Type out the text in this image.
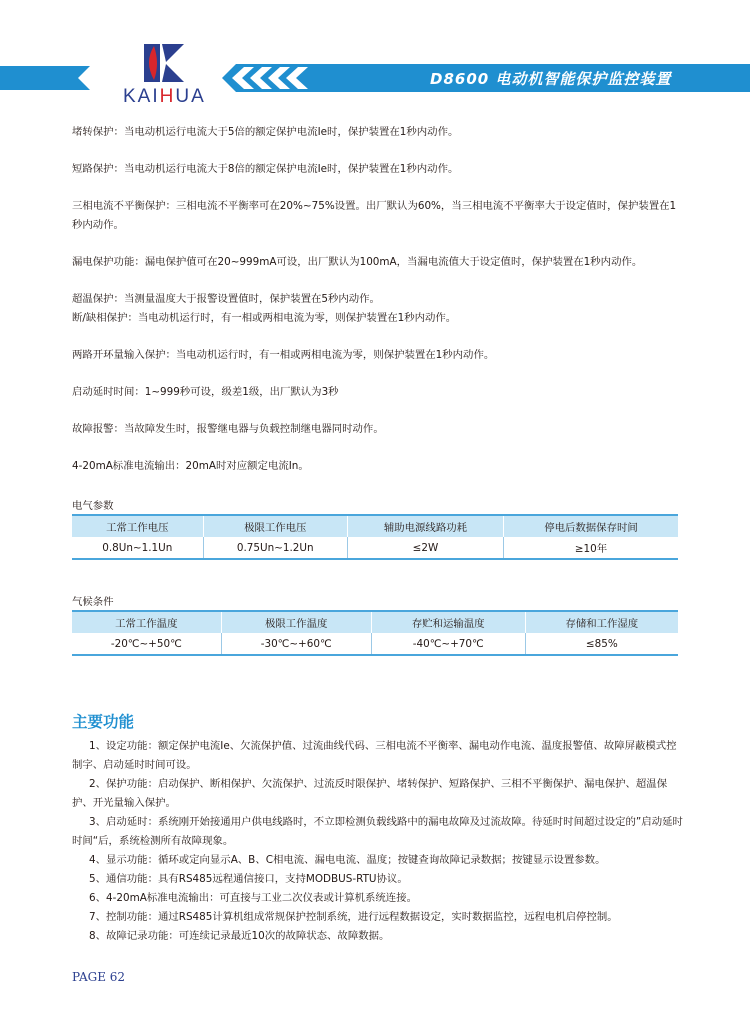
KAIHUA
D8600 电动机智能保护监控装置

堵转保护：当电动机运行电流大于5倍的额定保护电流Ie时，保护装置在1秒内动作。

短路保护：当电动机运行电流大于8倍的额定保护电流Ie时，保护装置在1秒内动作。

三相电流不平衡保护：三相电流不平衡率可在20%~75%设置。出厂默认为60%，当三相电流不平衡率大于设定值时，保护装置在1秒内动作。

漏电保护功能：漏电保护值可在20~999mA可设，出厂默认为100mA，当漏电流值大于设定值时，保护装置在1秒内动作。

超温保护：当测量温度大于报警设置值时，保护装置在5秒内动作。

断/缺相保护：当电动机运行时，有一相或两相电流为零，则保护装置在1秒内动作。

两路开环量输入保护：当电动机运行时，有一相或两相电流为零，则保护装置在1秒内动作。

启动延时时间：1~999秒可设，级差1级，出厂默认为3秒

故障报警：当故障发生时，报警继电器与负载控制继电器同时动作。

4-20mA标准电流输出：20mA时对应额定电流In。

电气参数
工常工作电压	极限工作电压	辅助电源线路功耗	停电后数据保存时间
0.8Un~1.1Un	0.75Un~1.2Un	≤2W	≥10年
气候条件
工常工作温度	极限工作温度	存贮和运输温度	存储和工作湿度
-20℃~+50℃	-30℃~+60℃	-40℃~+70℃	≤85%
主要功能

1、设定功能：额定保护电流Ie、欠流保护值、过流曲线代码、三相电流不平衡率、漏电动作电流、温度报警值、故障屏蔽模式控制字、启动延时时间可设。

2、保护功能：启动保护、断相保护、欠流保护、过流反时限保护、堵转保护、短路保护、三相不平衡保护、漏电保护、超温保护、开光量输入保护。

3、启动延时：系统刚开始接通用户供电线路时，不立即检测负载线路中的漏电故障及过流故障。待延时时间超过设定的”启动延时时间“后，系统检测所有故障现象。

4、显示功能：循环或定向显示A、B、C相电流、漏电电流、温度；按键查询故障记录数据；按键显示设置参数。

5、通信功能：具有RS485远程通信接口，支持MODBUS-RTU协议。

6、4-20mA标准电流输出：可直接与工业二次仪表或计算机系统连接。

7、控制功能：通过RS485计算机组成常规保护控制系统，进行远程数据设定，实时数据监控，远程电机启停控制。

8、故障记录功能：可连续记录最近10次的故障状态、故障数据。

PAGE 62
